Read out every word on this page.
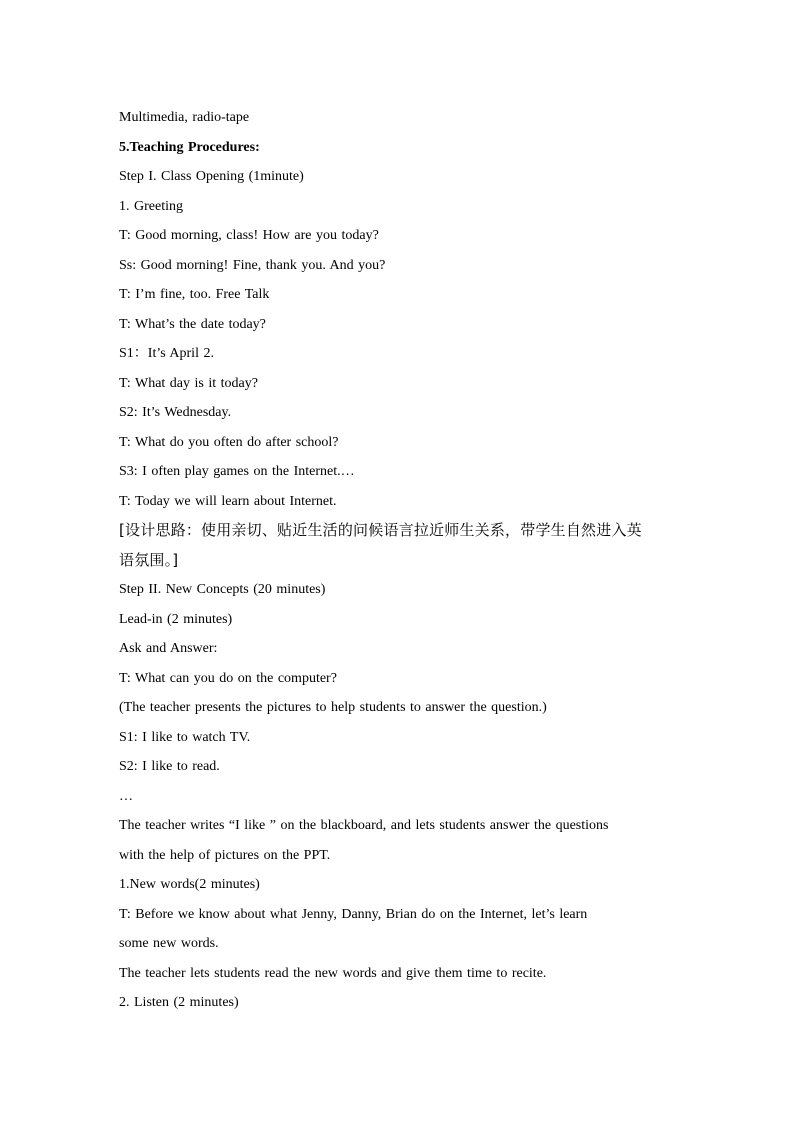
Multimedia, radio-tape
5.Teaching Procedures:
Step I. Class Opening (1minute)
1. Greeting
T: Good morning, class! How are you today?
Ss: Good morning! Fine, thank you. And you?
T: I’m fine, too. Free Talk
T: What’s the date today?
S1：It’s April 2.
T: What day is it today?
S2: It’s Wednesday.
T: What do you often do after school?
S3: I often play games on the Internet.…
T: Today we will learn about Internet.
[设计思路：使用亲切、贴近生活的问候语言拉近师生关系，带学生自然进入英
语氛围。]
Step II. New Concepts (20 minutes)
Lead-in (2 minutes)
Ask and Answer:
T: What can you do on the computer?
(The teacher presents the pictures to help students to answer the question.)
S1: I like to watch TV.
S2: I like to read.
…
The teacher writes “I like ” on the blackboard, and lets students answer the questions
with the help of pictures on the PPT.
1.New words(2 minutes)
T: Before we know about what Jenny, Danny, Brian do on the Internet, let’s learn
some new words.
The teacher lets students read the new words and give them time to recite.
2. Listen (2 minutes)
